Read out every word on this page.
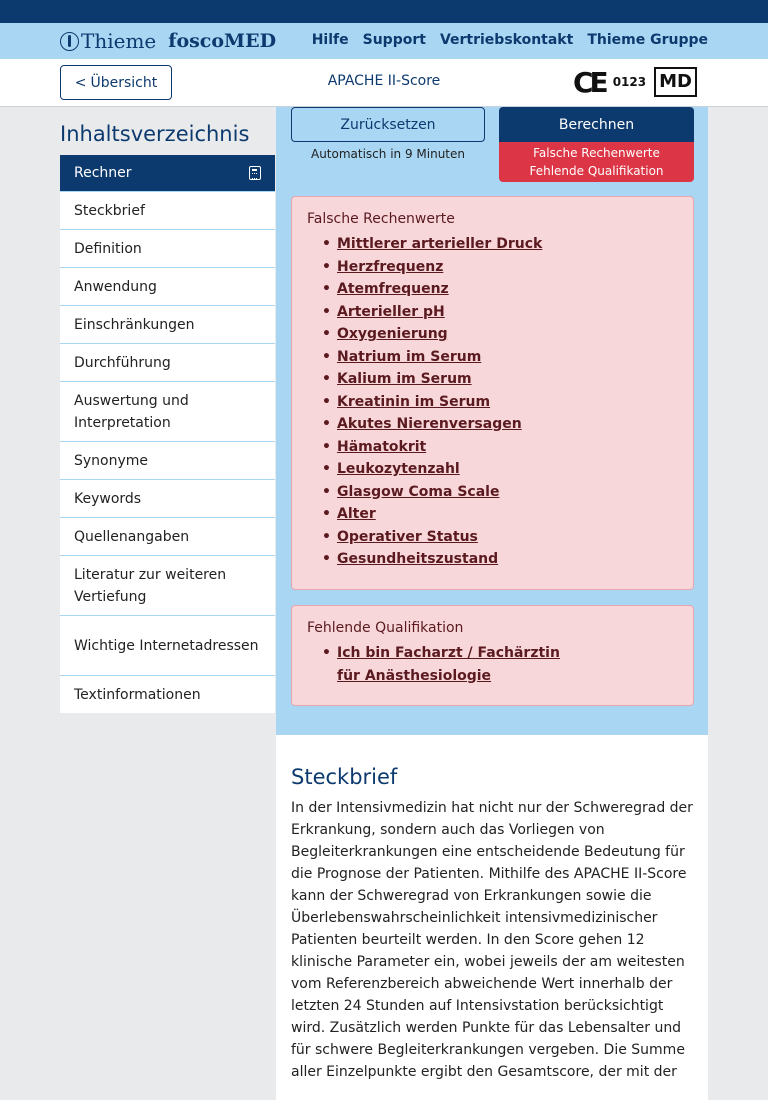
Thieme foscoMED	Hilfe Support Vertriebskontakt Thieme Gruppe
APACHE II-Score
< Übersicht	CE 0123 MD
Inhaltsverzeichnis
Rechner
Steckbrief
Definition
Anwendung
Einschränkungen
Durchführung
Auswertung und Interpretation
Synonyme
Keywords
Quellenangaben
Literatur zur weiteren Vertiefung
Wichtige Internetadressen
Textinformationen
Zurücksetzen
Automatisch in 9 Minuten
Berechnen
Falsche Rechenwerte
Fehlende Qualifikation
Falsche Rechenwerte
• Mittlerer arterieller Druck
• Herzfrequenz
• Atemfrequenz
• Arterieller pH
• Oxygenierung
• Natrium im Serum
• Kalium im Serum
• Kreatinin im Serum
• Akutes Nierenversagen
• Hämatokrit
• Leukozytenzahl
• Glasgow Coma Scale
• Alter
• Operativer Status
• Gesundheitszustand
Fehlende Qualifikation
• Ich bin Facharzt / Fachärztin für Anästhesiologie
Steckbrief

In der Intensivmedizin hat nicht nur der Schweregrad der Erkrankung, sondern auch das Vorliegen von Begleiterkrankungen eine entscheidende Bedeutung für die Prognose der Patienten. Mithilfe des APACHE II-Score kann der Schweregrad von Erkrankungen sowie die Überlebenswahrscheinlichkeit intensivmedizinischer Patienten beurteilt werden. In den Score gehen 12 klinische Parameter ein, wobei jeweils der am weitesten vom Referenzbereich abweichende Wert innerhalb der letzten 24 Stunden auf Intensivstation berücksichtigt wird. Zusätzlich werden Punkte für das Lebensalter und für schwere Begleiterkrankungen vergeben. Die Summe aller Einzelpunkte ergibt den Gesamtscore, der mit der
